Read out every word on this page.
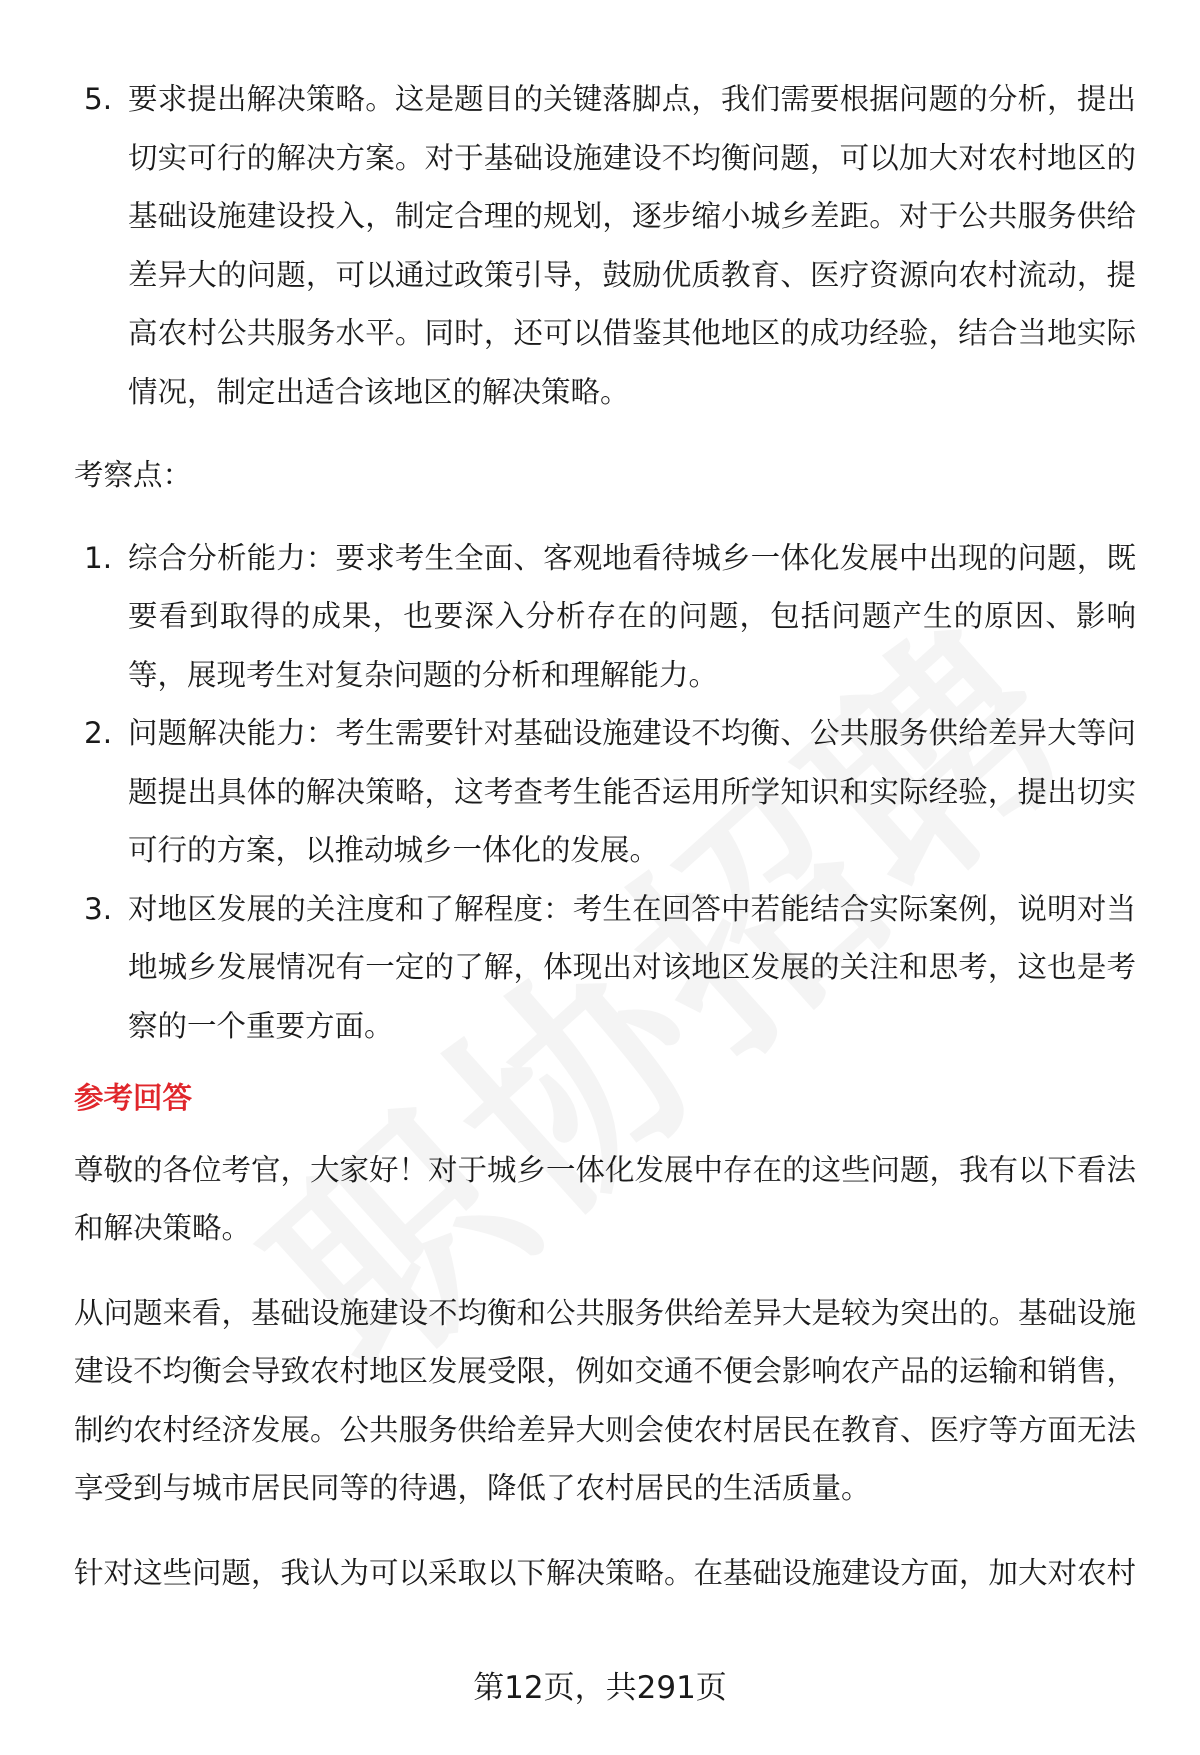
5. 要求提出解决策略。这是题目的关键落脚点，我们需要根据问题的分析，提出切实可行的解决方案。对于基础设施建设不均衡问题，可以加大对农村地区的基础设施建设投入，制定合理的规划，逐步缩小城乡差距。对于公共服务供给差异大的问题，可以通过政策引导，鼓励优质教育、医疗资源向农村流动，提高农村公共服务水平。同时，还可以借鉴其他地区的成功经验，结合当地实际情况，制定出适合该地区的解决策略。

考察点：

1. 综合分析能力：要求考生全面、客观地看待城乡一体化发展中出现的问题，既要看到取得的成果，也要深入分析存在的问题，包括问题产生的原因、影响等，展现考生对复杂问题的分析和理解能力。
2. 问题解决能力：考生需要针对基础设施建设不均衡、公共服务供给差异大等问题提出具体的解决策略，这考查考生能否运用所学知识和实际经验，提出切实可行的方案，以推动城乡一体化的发展。
3. 对地区发展的关注度和了解程度：考生在回答中若能结合实际案例，说明对当地城乡发展情况有一定的了解，体现出对该地区发展的关注和思考，这也是考察的一个重要方面。

参考回答

尊敬的各位考官，大家好！对于城乡一体化发展中存在的这些问题，我有以下看法和解决策略。

从问题来看，基础设施建设不均衡和公共服务供给差异大是较为突出的。基础设施建设不均衡会导致农村地区发展受限，例如交通不便会影响农产品的运输和销售，制约农村经济发展。公共服务供给差异大则会使农村居民在教育、医疗等方面无法享受到与城市居民同等的待遇，降低了农村居民的生活质量。

针对这些问题，我认为可以采取以下解决策略。在基础设施建设方面，加大对农村

第12页，共291页
